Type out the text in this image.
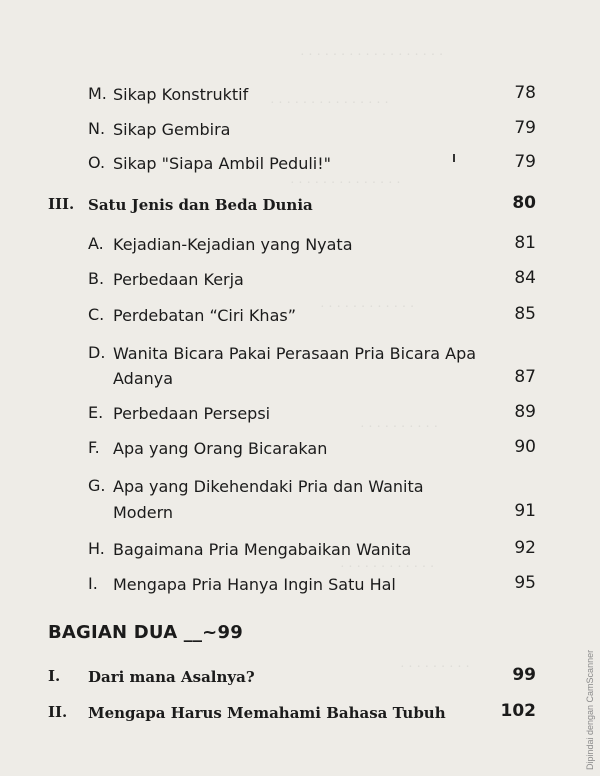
· · · · · · · · · · · · · · · · · ·
· · · · · · · · · · · · · · ·
· · · · · · · · · · · · · ·
· · · · · · · · · · · ·
· · · · · · · · · ·
· · · · · · · · · · · ·
· · · · · · · · ·
M. Sikap Konstruktif	78
N. Sikap Gembira	79
O. Sikap "Siapa Ambil Peduli!"	79
III. Satu Jenis dan Beda Dunia	80
A. Kejadian-Kejadian yang Nyata	81
B. Perbedaan Kerja	84
C. Perdebatan “Ciri Khas”	85
D. Wanita Bicara Pakai Perasaan Pria Bicara Apa
Adanya	87
E. Perbedaan Persepsi	89
F. Apa yang Orang Bicarakan	90
G. Apa yang Dikehendaki Pria dan Wanita
Modern	91
H. Bagaimana Pria Mengabaikan Wanita	92
I. Mengapa Pria Hanya Ingin Satu Hal	95
BAGIAN DUA __~99
I. Dari mana Asalnya?	99
II. Mengapa Harus Memahami Bahasa Tubuh	102	Dipindai dengan CamScanner
